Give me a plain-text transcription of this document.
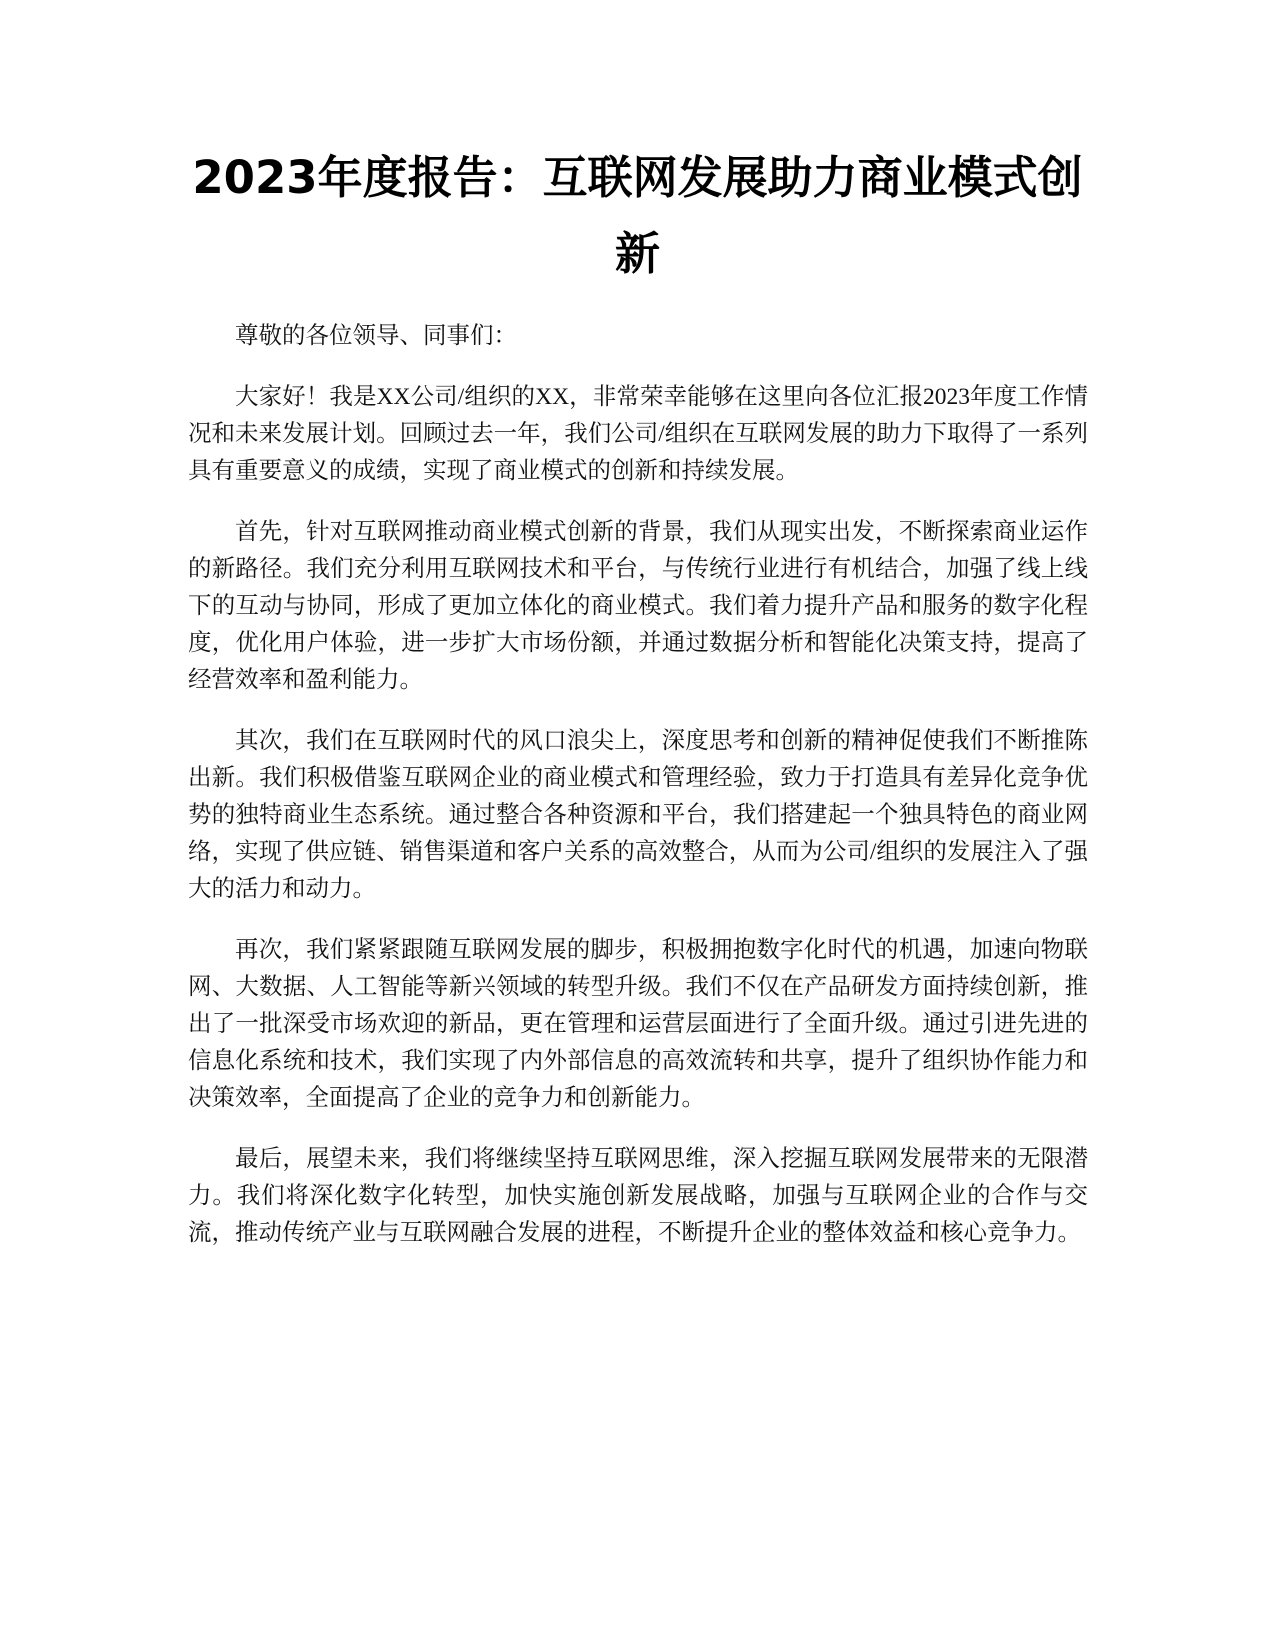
2023年度报告：互联网发展助力商业模式创新

尊敬的各位领导、同事们：

大家好！我是XX公司/组织的XX，非常荣幸能够在这里向各位汇报2023年度工作情况和未来发展计划。回顾过去一年，我们公司/组织在互联网发展的助力下取得了一系列具有重要意义的成绩，实现了商业模式的创新和持续发展。

首先，针对互联网推动商业模式创新的背景，我们从现实出发，不断探索商业运作的新路径。我们充分利用互联网技术和平台，与传统行业进行有机结合，加强了线上线下的互动与协同，形成了更加立体化的商业模式。我们着力提升产品和服务的数字化程度，优化用户体验，进一步扩大市场份额，并通过数据分析和智能化决策支持，提高了经营效率和盈利能力。

其次，我们在互联网时代的风口浪尖上，深度思考和创新的精神促使我们不断推陈出新。我们积极借鉴互联网企业的商业模式和管理经验，致力于打造具有差异化竞争优势的独特商业生态系统。通过整合各种资源和平台，我们搭建起一个独具特色的商业网络，实现了供应链、销售渠道和客户关系的高效整合，从而为公司/组织的发展注入了强大的活力和动力。

再次，我们紧紧跟随互联网发展的脚步，积极拥抱数字化时代的机遇，加速向物联网、大数据、人工智能等新兴领域的转型升级。我们不仅在产品研发方面持续创新，推出了一批深受市场欢迎的新品，更在管理和运营层面进行了全面升级。通过引进先进的信息化系统和技术，我们实现了内外部信息的高效流转和共享，提升了组织协作能力和决策效率，全面提高了企业的竞争力和创新能力。

最后，展望未来，我们将继续坚持互联网思维，深入挖掘互联网发展带来的无限潜力。我们将深化数字化转型，加快实施创新发展战略，加强与互联网企业的合作与交流，推动传统产业与互联网融合发展的进程，不断提升企业的整体效益和核心竞争力。
